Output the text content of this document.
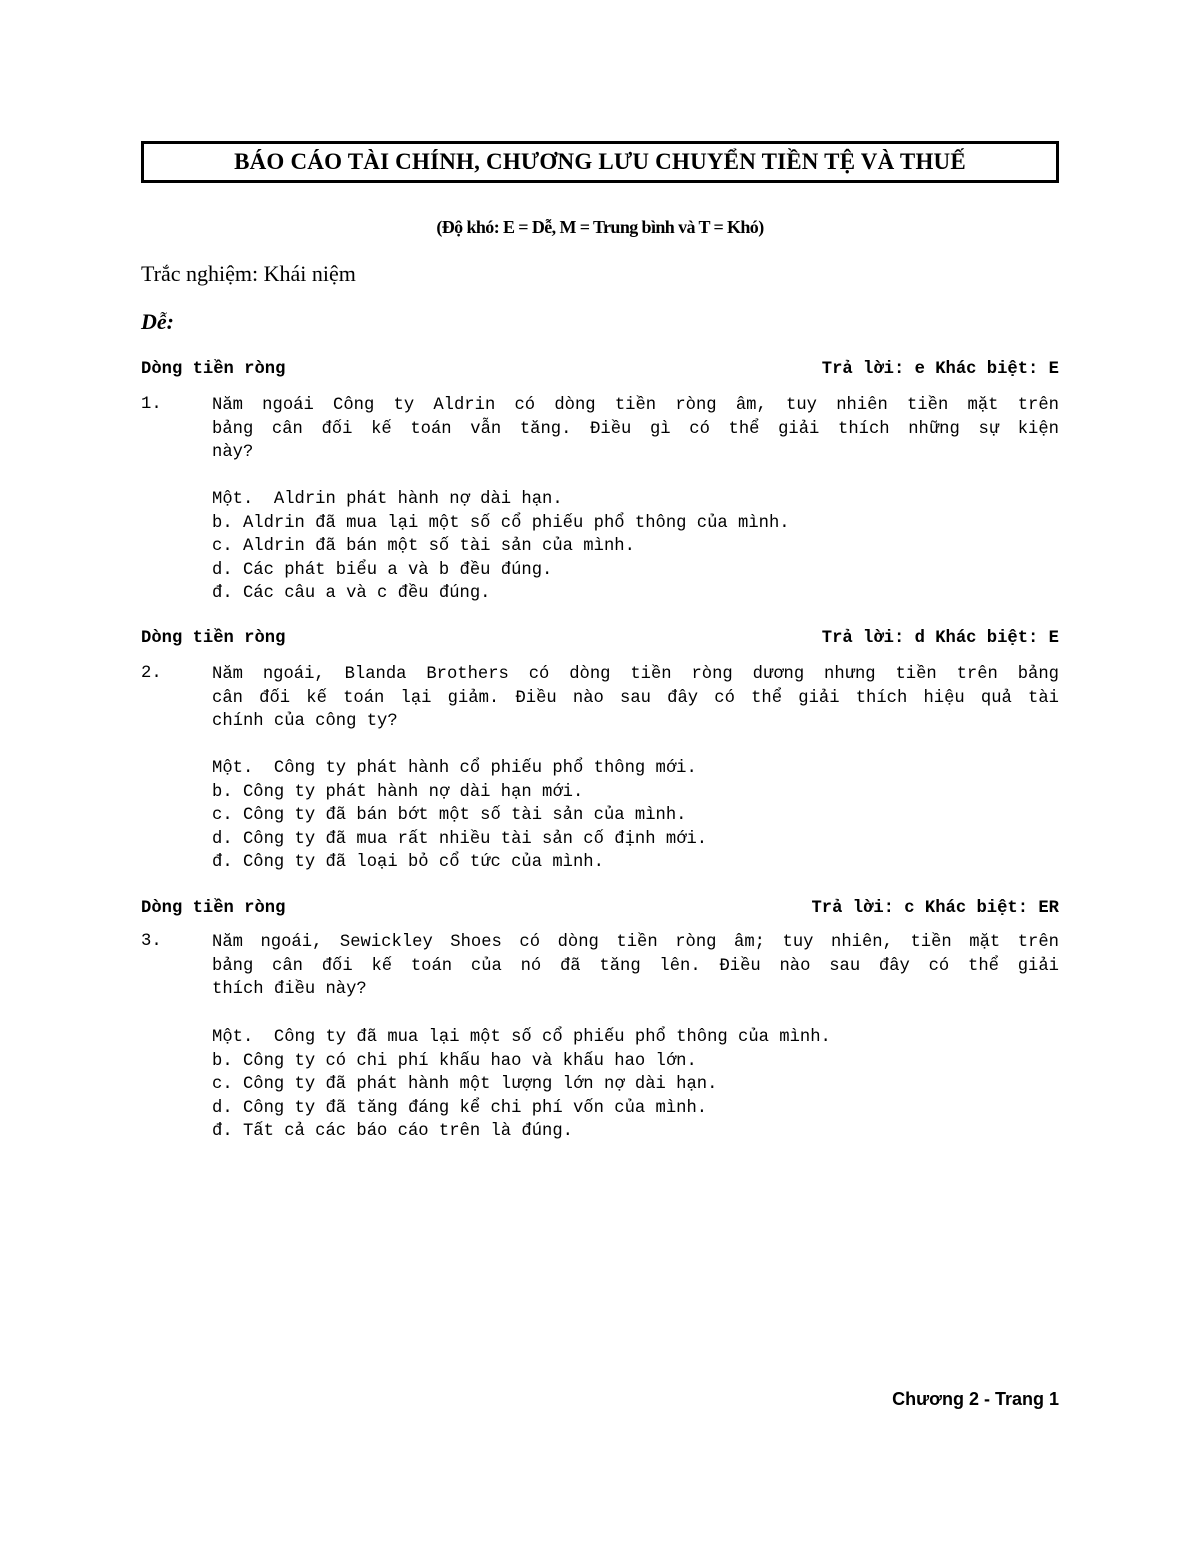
BÁO CÁO TÀI CHÍNH, CHƯƠNG LƯU CHUYỂN TIỀN TỆ VÀ THUẾ
(Độ khó: E = Dễ, M = Trung bình và T = Khó)
Trắc nghiệm: Khái niệm
Dễ:
Dòng tiền ròng	Trả lời: e Khác biệt: E
1.	Năm ngoái Công ty Aldrin có dòng tiền ròng âm, tuy nhiên tiền mặt trên
bảng cân đối kế toán vẫn tăng. Điều gì có thể giải thích những sự kiện
này?
Một.  Aldrin phát hành nợ dài hạn.
b. Aldrin đã mua lại một số cổ phiếu phổ thông của mình.
c. Aldrin đã bán một số tài sản của mình.
d. Các phát biểu a và b đều đúng.
đ. Các câu a và c đều đúng.
Dòng tiền ròng	Trả lời: d Khác biệt: E
2.	Năm ngoái, Blanda Brothers có dòng tiền ròng dương nhưng tiền trên bảng
cân đối kế toán lại giảm. Điều nào sau đây có thể giải thích hiệu quả tài
chính của công ty?
Một.  Công ty phát hành cổ phiếu phổ thông mới.
b. Công ty phát hành nợ dài hạn mới.
c. Công ty đã bán bớt một số tài sản của mình.
d. Công ty đã mua rất nhiều tài sản cố định mới.
đ. Công ty đã loại bỏ cổ tức của mình.
Dòng tiền ròng	Trả lời: c Khác biệt: ER
3.	Năm ngoái, Sewickley Shoes có dòng tiền ròng âm; tuy nhiên, tiền mặt trên
bảng cân đối kế toán của nó đã tăng lên. Điều nào sau đây có thể giải
thích điều này?
Một.  Công ty đã mua lại một số cổ phiếu phổ thông của mình.
b. Công ty có chi phí khấu hao và khấu hao lớn.
c. Công ty đã phát hành một lượng lớn nợ dài hạn.
d. Công ty đã tăng đáng kể chi phí vốn của mình.
đ. Tất cả các báo cáo trên là đúng.
Chương 2 - Trang 1
